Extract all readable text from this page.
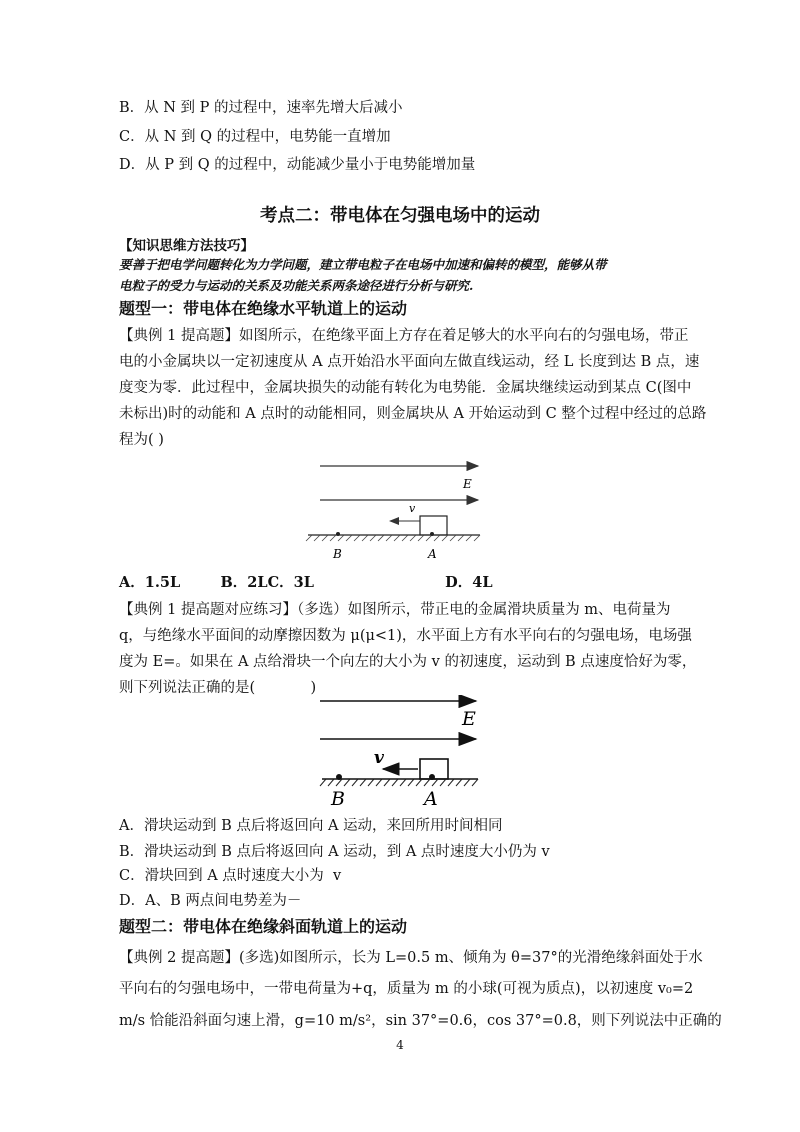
B．从 N 到 P 的过程中，速率先增大后减小
C．从 N 到 Q 的过程中，电势能一直增加
D．从 P 到 Q 的过程中，动能减少量小于电势能增加量
考点二：带电体在匀强电场中的运动
【知识思维方法技巧】
要善于把电学问题转化为力学问题，建立带电粒子在电场中加速和偏转的模型，能够从带
电粒子的受力与运动的关系及功能关系两条途径进行分析与研究.
题型一：带电体在绝缘水平轨道上的运动
【典例 1 提高题】如图所示，在绝缘平面上方存在着足够大的水平向右的匀强电场，带正
电的小金属块以一定初速度从 A 点开始沿水平面向左做直线运动，经 L 长度到达 B 点，速
度变为零．此过程中，金属块损失的动能有转化为电势能．金属块继续运动到某点 C(图中
未标出)时的动能和 A 点时的动能相同，则金属块从 A 开始运动到 C 整个过程中经过的总路
程为( )
E
v
B	A
A．1.5L        B．2LC．3L                          D．4L
【典例 1 提高题对应练习】（多选）如图所示，带正电的金属滑块质量为 m、电荷量为
q，与绝缘水平面间的动摩擦因数为 μ(μ<1)，水平面上方有水平向右的匀强电场，电场强
度为 E=。如果在 A 点给滑块一个向左的大小为 v 的初速度，运动到 B 点速度恰好为零，
则下列说法正确的是(            )
E
v
B	A
A．滑块运动到 B 点后将返回向 A 运动，来回所用时间相同
B．滑块运动到 B 点后将返回向 A 运动，到 A 点时速度大小仍为 v
C．滑块回到 A 点时速度大小为  v
D．A、B 两点间电势差为－
题型二：带电体在绝缘斜面轨道上的运动
【典例 2 提高题】(多选)如图所示，长为 L=0.5 m、倾角为 θ=37°的光滑绝缘斜面处于水
平向右的匀强电场中，一带电荷量为+q，质量为 m 的小球(可视为质点)，以初速度 v₀=2
m/s 恰能沿斜面匀速上滑，g=10 m/s²，sin 37°=0.6，cos 37°=0.8，则下列说法中正确的
4
